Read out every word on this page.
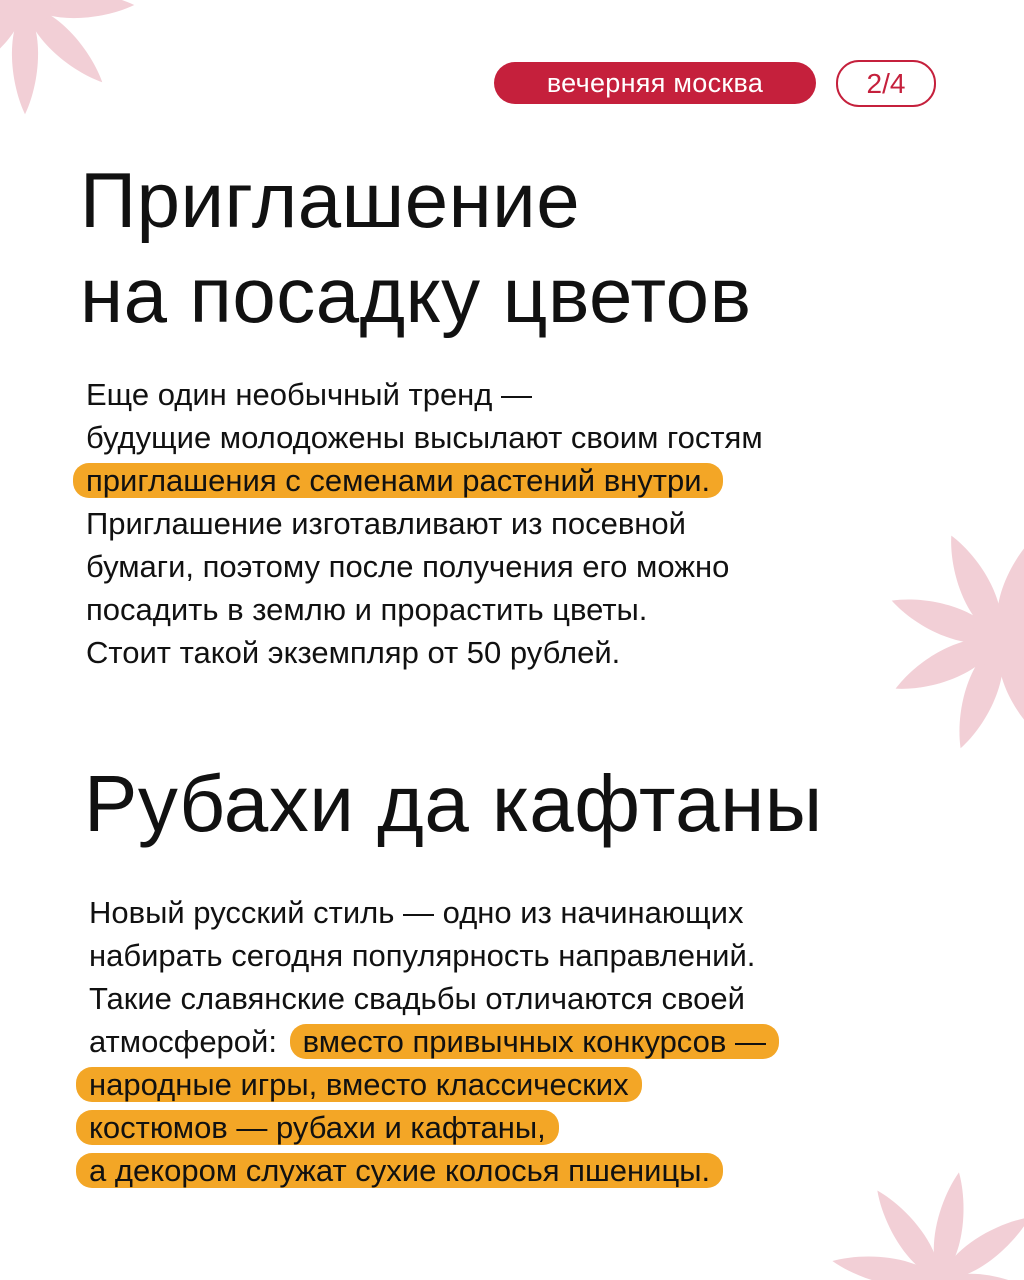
вечерняя москва	2/4
Приглашение
на посадку цветов
Еще один необычный тренд —
будущие молодожены высылают своим гостям
приглашения с семенами растений внутри.
Приглашение изготавливают из посевной
бумаги, поэтому после получения его можно
посадить в землю и прорастить цветы.
Стоит такой экземпляр от 50 рублей.
Рубахи да кафтаны
Новый русский стиль — одно из начинающих
набирать сегодня популярность направлений.
Такие славянские свадьбы отличаются своей
атмосферой: вместо привычных конкурсов —
народные игры, вместо классических
костюмов — рубахи и кафтаны,
а декором служат сухие колосья пшеницы.
